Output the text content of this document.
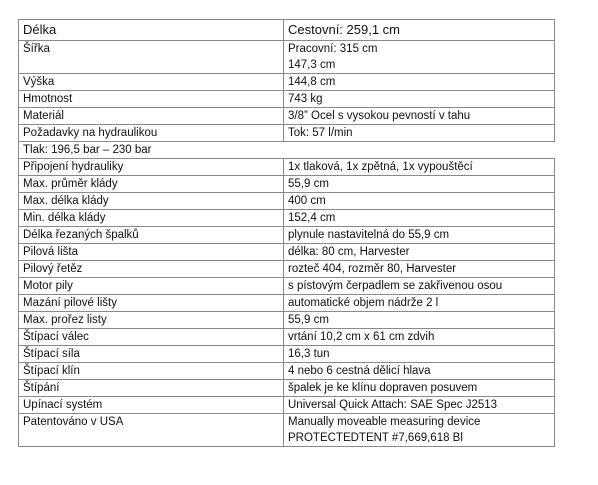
Délka	Cestovní: 259,1 cm

Šířka	Pracovní: 315 cm
147,3 cm

Výška	144,8 cm

Hmotnost	743 kg

Materiál	3/8” Ocel s vysokou pevností v tahu

Požadavky na hydraulikou	Tok: 57 l/min

Tlak: 196,5 bar – 230 bar	
Připojení hydrauliky	1x tlaková, 1x zpětná, 1x vypouštěcí

Max. průměr klády	55,9 cm

Max. délka klády	400 cm

Min. délka klády	152,4 cm

Délka řezaných špalků	plynule nastavitelná do 55,9 cm

Pilová lišta	délka: 80 cm, Harvester

Pilový řetěz	rozteč 404, rozměr 80, Harvester

Motor pily	s pístovým čerpadlem se zakřivenou osou

Mazání pilové lišty	automatické objem nádrže 2 l

Max. prořez listy	55,9 cm

Štípací válec	vrtání 10,2 cm x 61 cm zdvih

Štípací síla	16,3 tun

Štípací klín	4 nebo 6 cestná dělicí hlava

Štípání	špalek je ke klínu dopraven posuvem

Upínací systém	Universal Quick Attach: SAE Spec J2513

Patentováno v USA	Manually moveable measuring device
PROTECTEDTENT #7,669,618 Bl
